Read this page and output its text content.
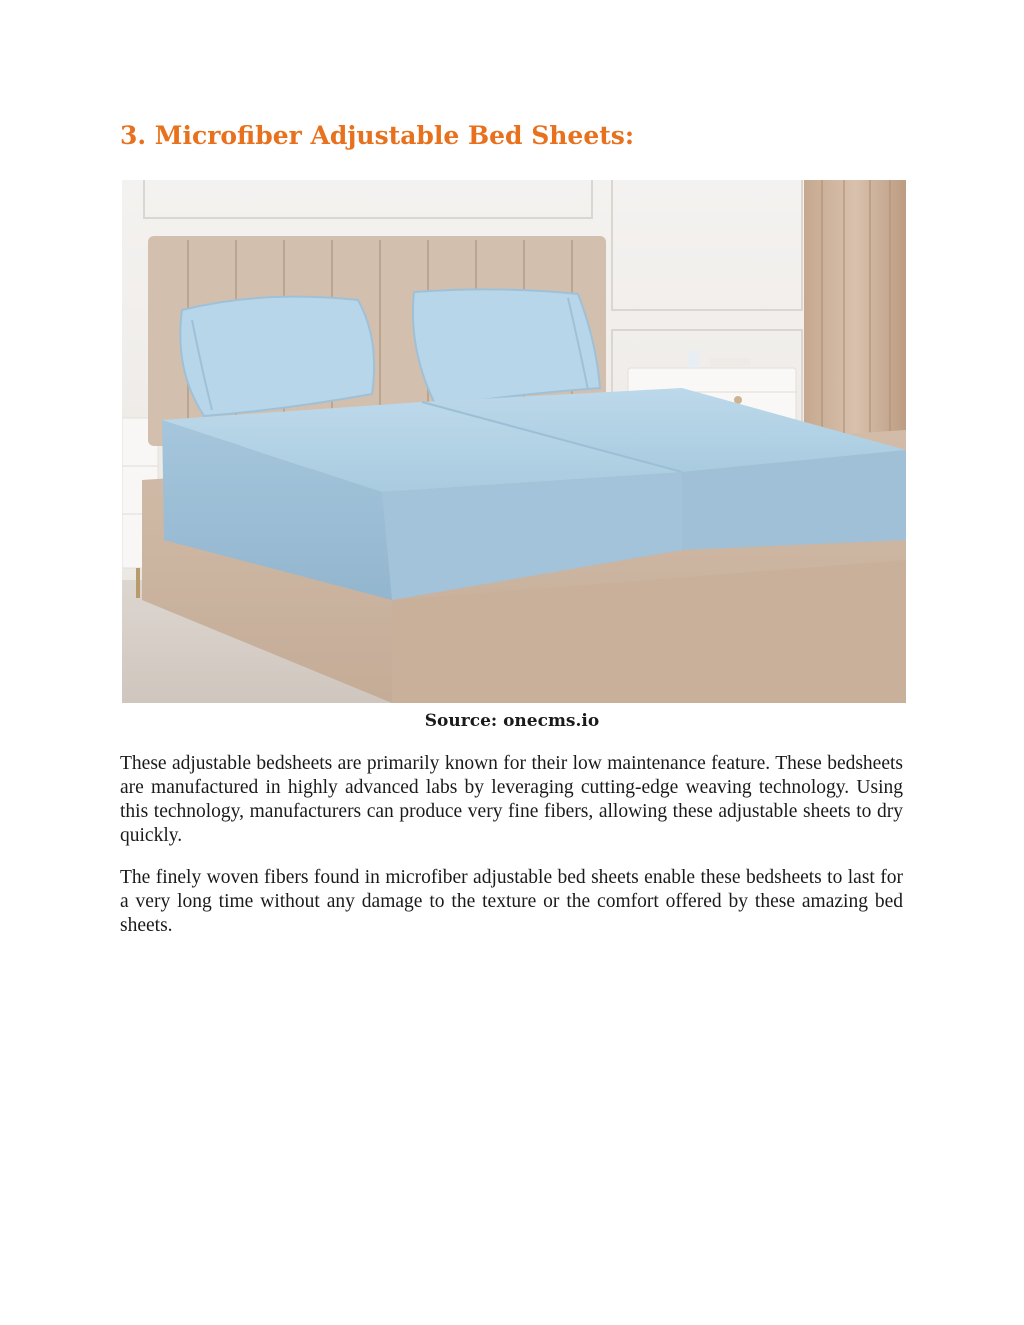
3. Microfiber Adjustable Bed Sheets:
Source: onecms.io

These adjustable bedsheets are primarily known for their low maintenance feature. These bedsheets are manufactured in highly advanced labs by leveraging cutting-edge weaving technology. Using this technology, manufacturers can produce very fine fibers, allowing these adjustable sheets to dry quickly.

The finely woven fibers found in microfiber adjustable bed sheets enable these bedsheets to last for a very long time without any damage to the texture or the comfort offered by these amazing bed sheets.
